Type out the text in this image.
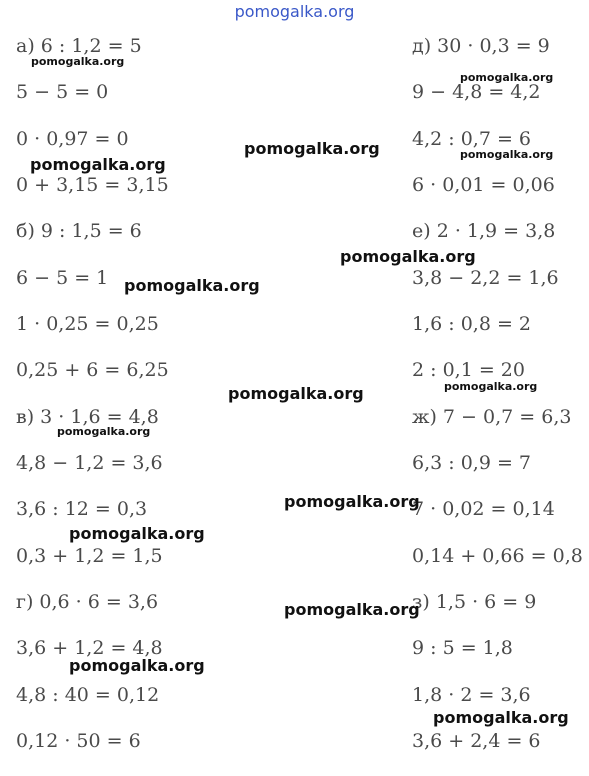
pomogalka.org
а) 6 : 1,2 = 5
5 − 5 = 0
0 · 0,97 = 0
0 + 3,15 = 3,15
б) 9 : 1,5 = 6
6 − 5 = 1
1 · 0,25 = 0,25
0,25 + 6 = 6,25
в) 3 · 1,6 = 4,8
4,8 − 1,2 = 3,6
3,6 : 12 = 0,3
0,3 + 1,2 = 1,5
г) 0,6 · 6 = 3,6
3,6 + 1,2 = 4,8
4,8 : 40 = 0,12
0,12 · 50 = 6
д) 30 · 0,3 = 9
9 − 4,8 = 4,2
4,2 : 0,7 = 6
6 · 0,01 = 0,06
е) 2 · 1,9 = 3,8
3,8 − 2,2 = 1,6
1,6 : 0,8 = 2
2 : 0,1 = 20
ж) 7 − 0,7 = 6,3
6,3 : 0,9 = 7
7 · 0,02 = 0,14
0,14 + 0,66 = 0,8
з) 1,5 · 6 = 9
9 : 5 = 1,8
1,8 · 2 = 3,6
3,6 + 2,4 = 6
pomogalka.org
pomogalka.org
pomogalka.org	pomogalka.org
pomogalka.org
pomogalka.org
pomogalka.org
pomogalka.org
pomogalka.org
pomogalka.org
pomogalka.org
pomogalka.org
pomogalka.org
pomogalka.org
pomogalka.org
